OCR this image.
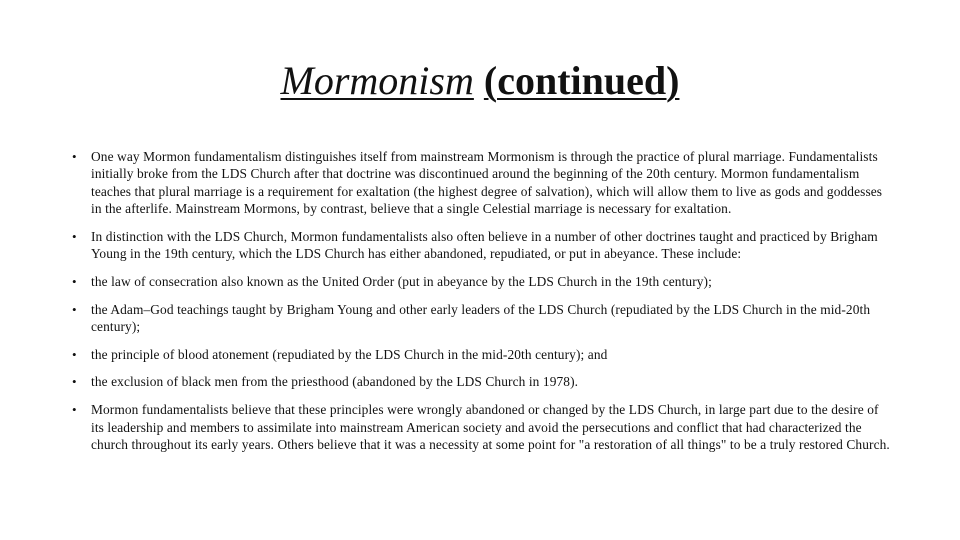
Mormonism (continued)
• One way Mormon fundamentalism distinguishes itself from mainstream Mormonism is through the practice of plural marriage. Fundamentalists initially broke from the LDS Church after that doctrine was discontinued around the beginning of the 20th century. Mormon fundamentalism teaches that plural marriage is a requirement for exaltation (the highest degree of salvation), which will allow them to live as gods and goddesses in the afterlife. Mainstream Mormons, by contrast, believe that a single Celestial marriage is necessary for exaltation.
• In distinction with the LDS Church, Mormon fundamentalists also often believe in a number of other doctrines taught and practiced by Brigham Young in the 19th century, which the LDS Church has either abandoned, repudiated, or put in abeyance. These include:
• the law of consecration also known as the United Order (put in abeyance by the LDS Church in the 19th century);
• the Adam–God teachings taught by Brigham Young and other early leaders of the LDS Church (repudiated by the LDS Church in the mid-20th century);
• the principle of blood atonement (repudiated by the LDS Church in the mid-20th century); and
• the exclusion of black men from the priesthood (abandoned by the LDS Church in 1978).
• Mormon fundamentalists believe that these principles were wrongly abandoned or changed by the LDS Church, in large part due to the desire of its leadership and members to assimilate into mainstream American society and avoid the persecutions and conflict that had characterized the church throughout its early years. Others believe that it was a necessity at some point for "a restoration of all things" to be a truly restored Church.
